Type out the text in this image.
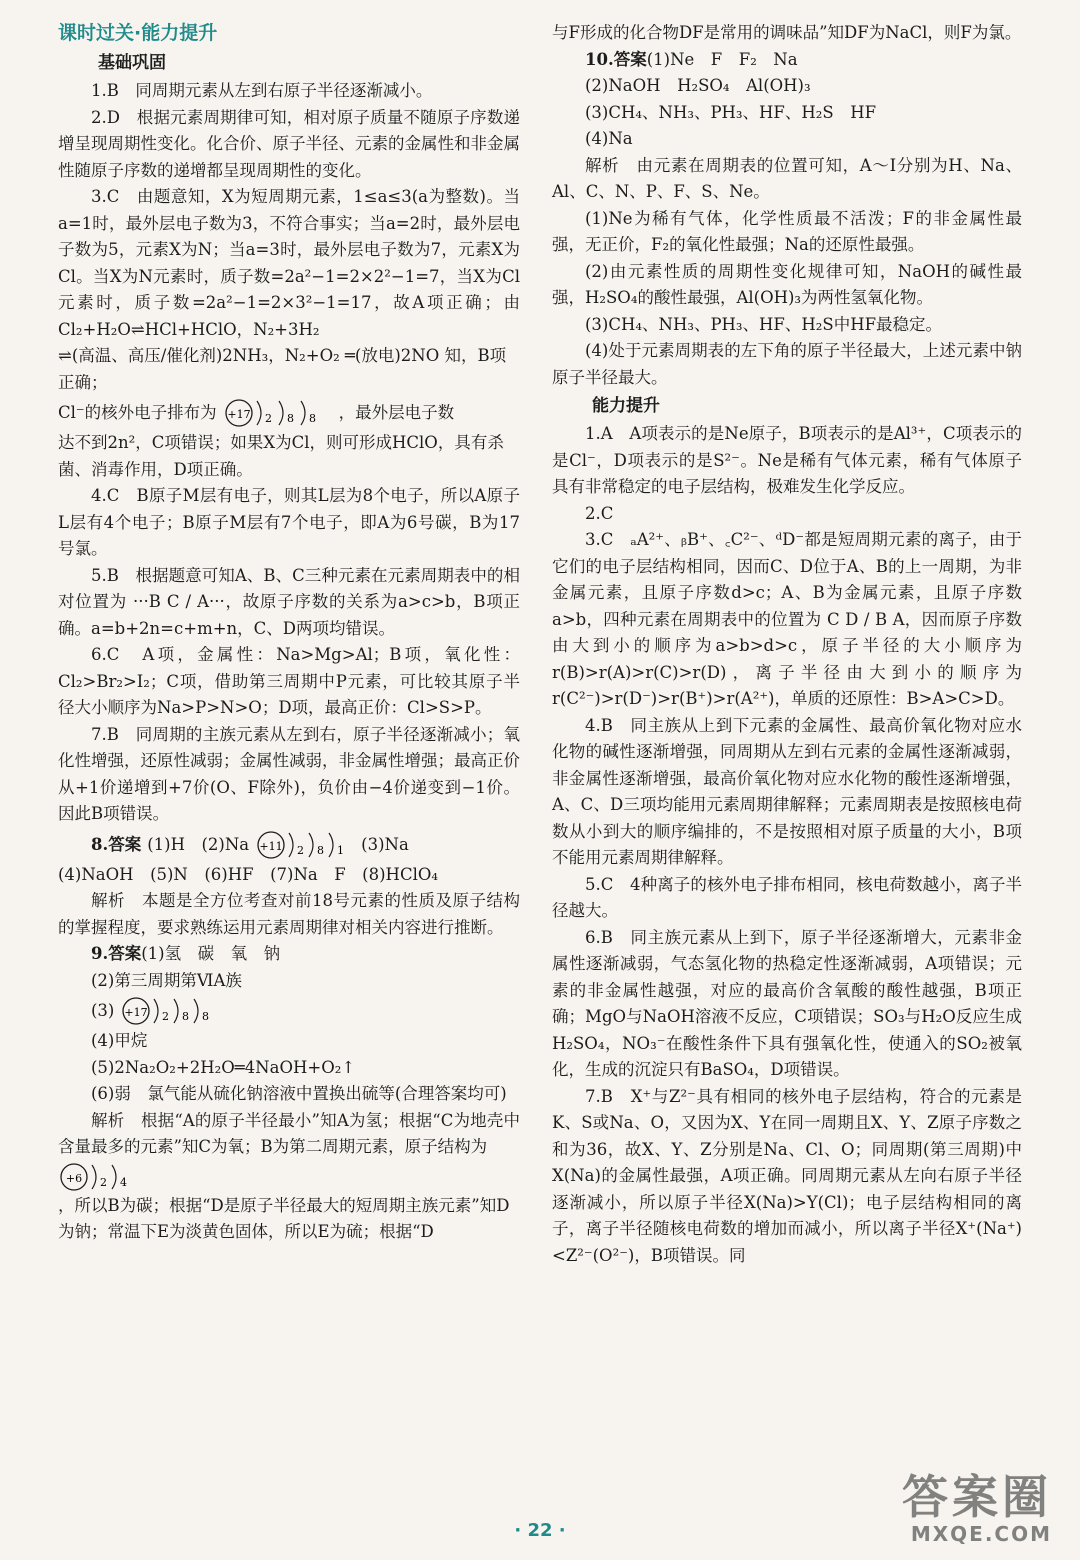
课时过关·能力提升
基础巩固

1.B　同周期元素从左到右原子半径逐渐减小。

2.D　根据元素周期律可知，相对原子质量不随原子序数递增呈现周期性变化。化合价、原子半径、元素的金属性和非金属性随原子序数的递增都呈现周期性的变化。

3.C　由题意知，X为短周期元素，1≤a≤3(a为整数)。当a=1时，最外层电子数为3，不符合事实；当a=2时，最外层电子数为5，元素X为N；当a=3时，最外层电子数为7，元素X为Cl。当X为N元素时，质子数=2a²−1=2×2²−1=7，当X为Cl元素时，质子数=2a²−1=2×3²−1=17，故A项正确；由Cl₂+H₂O⇌HCl+HClO，N₂+3H₂

⇌(高温、高压/催化剂)2NH₃，N₂+O₂ ═(放电)2NO 知，B项正确；

Cl⁻的核外电子排布为 +17 2 8 8 ，最外层电子数

达不到2n²，C项错误；如果X为Cl，则可形成HClO，具有杀菌、消毒作用，D项正确。

4.C　B原子M层有电子，则其L层为8个电子，所以A原子L层有4个电子；B原子M层有7个电子，即A为6号碳，B为17号氯。

5.B　根据题意可知A、B、C三种元素在元素周期表中的相对位置为 ···B C / A···，故原子序数的关系为a>c>b，B项正确。a=b+2n=c+m+n，C、D两项均错误。

6.C　A项，金属性：Na>Mg>Al；B项，氧化性：Cl₂>Br₂>I₂；C项，借助第三周期中P元素，可比较其原子半径大小顺序为Na>P>N>O；D项，最高正价：Cl>S>P。

7.B　同周期的主族元素从左到右，原子半径逐渐减小；氧化性增强，还原性减弱；金属性减弱，非金属性增强；最高正价从+1价递增到+7价(O、F除外)，负价由−4价递变到−1价。因此B项错误。

8.答案 (1)H　(2)Na +11 2 8 1 (3)Na

(4)NaOH　(5)N　(6)HF　(7)Na　F　(8)HClO₄

解析　本题是全方位考查对前18号元素的性质及原子结构的掌握程度，要求熟练运用元素周期律对相关内容进行推断。

9.答案(1)氢　碳　氧　钠

(2)第三周期第ⅥA族

(3) +17 2 8 8

(4)甲烷

(5)2Na₂O₂+2H₂O═4NaOH+O₂↑

(6)弱　氯气能从硫化钠溶液中置换出硫等(合理答案均可)

解析　根据“A的原子半径最小”知A为氢；根据“C为地壳中含量最多的元素”知C为氧；B为第二周期元素，原子结构为

+6 2 4

，所以B为碳；根据“D是原子半径最大的短周期主族元素”知D为钠；常温下E为淡黄色固体，所以E为硫；根据“D

与F形成的化合物DF是常用的调味品”知DF为NaCl，则F为氯。

10.答案(1)Ne　F　F₂　Na

(2)NaOH　H₂SO₄　Al(OH)₃

(3)CH₄、NH₃、PH₃、HF、H₂S　HF

(4)Na

解析　由元素在周期表的位置可知，A～I分别为H、Na、Al、C、N、P、F、S、Ne。

(1)Ne为稀有气体，化学性质最不活泼；F的非金属性最强，无正价，F₂的氧化性最强；Na的还原性最强。

(2)由元素性质的周期性变化规律可知，NaOH的碱性最强，H₂SO₄的酸性最强，Al(OH)₃为两性氢氧化物。

(3)CH₄、NH₃、PH₃、HF、H₂S中HF最稳定。

(4)处于元素周期表的左下角的原子半径最大，上述元素中钠原子半径最大。

能力提升

1.A　A项表示的是Ne原子，B项表示的是Al³⁺，C项表示的是Cl⁻，D项表示的是S²⁻。Ne是稀有气体元素，稀有气体原子具有非常稳定的电子层结构，极难发生化学反应。

2.C

3.C　ₐA²⁺、ᵦB⁺、꜀C²⁻、ᵈD⁻都是短周期元素的离子，由于它们的电子层结构相同，因而C、D位于A、B的上一周期，为非金属元素，且原子序数d>c；A、B为金属元素，且原子序数a>b，四种元素在周期表中的位置为 C D / B A，因而原子序数由大到小的顺序为a>b>d>c，原子半径的大小顺序为r(B)>r(A)>r(C)>r(D)，离子半径由大到小的顺序为r(C²⁻)>r(D⁻)>r(B⁺)>r(A²⁺)，单质的还原性：B>A>C>D。

4.B　同主族从上到下元素的金属性、最高价氧化物对应水化物的碱性逐渐增强，同周期从左到右元素的金属性逐渐减弱，非金属性逐渐增强，最高价氧化物对应水化物的酸性逐渐增强，A、C、D三项均能用元素周期律解释；元素周期表是按照核电荷数从小到大的顺序编排的，不是按照相对原子质量的大小，B项不能用元素周期律解释。

5.C　4种离子的核外电子排布相同，核电荷数越小，离子半径越大。

6.B　同主族元素从上到下，原子半径逐渐增大，元素非金属性逐渐减弱，气态氢化物的热稳定性逐渐减弱，A项错误；元素的非金属性越强，对应的最高价含氧酸的酸性越强，B项正确；MgO与NaOH溶液不反应，C项错误；SO₃与H₂O反应生成H₂SO₄，NO₃⁻在酸性条件下具有强氧化性，使通入的SO₂被氧化，生成的沉淀只有BaSO₄，D项错误。

7.B　X⁺与Z²⁻具有相同的核外电子层结构，符合的元素是K、S或Na、O，又因为X、Y在同一周期且X、Y、Z原子序数之和为36，故X、Y、Z分别是Na、Cl、O；同周期(第三周期)中X(Na)的金属性最强，A项正确。同周期元素从左向右原子半径逐渐减小，所以原子半径X(Na)>Y(Cl)；电子层结构相同的离子，离子半径随核电荷数的增加而减小，所以离子半径X⁺(Na⁺)<Z²⁻(O²⁻)，B项错误。同

· 22 ·
答案圈
MXQE.COM
